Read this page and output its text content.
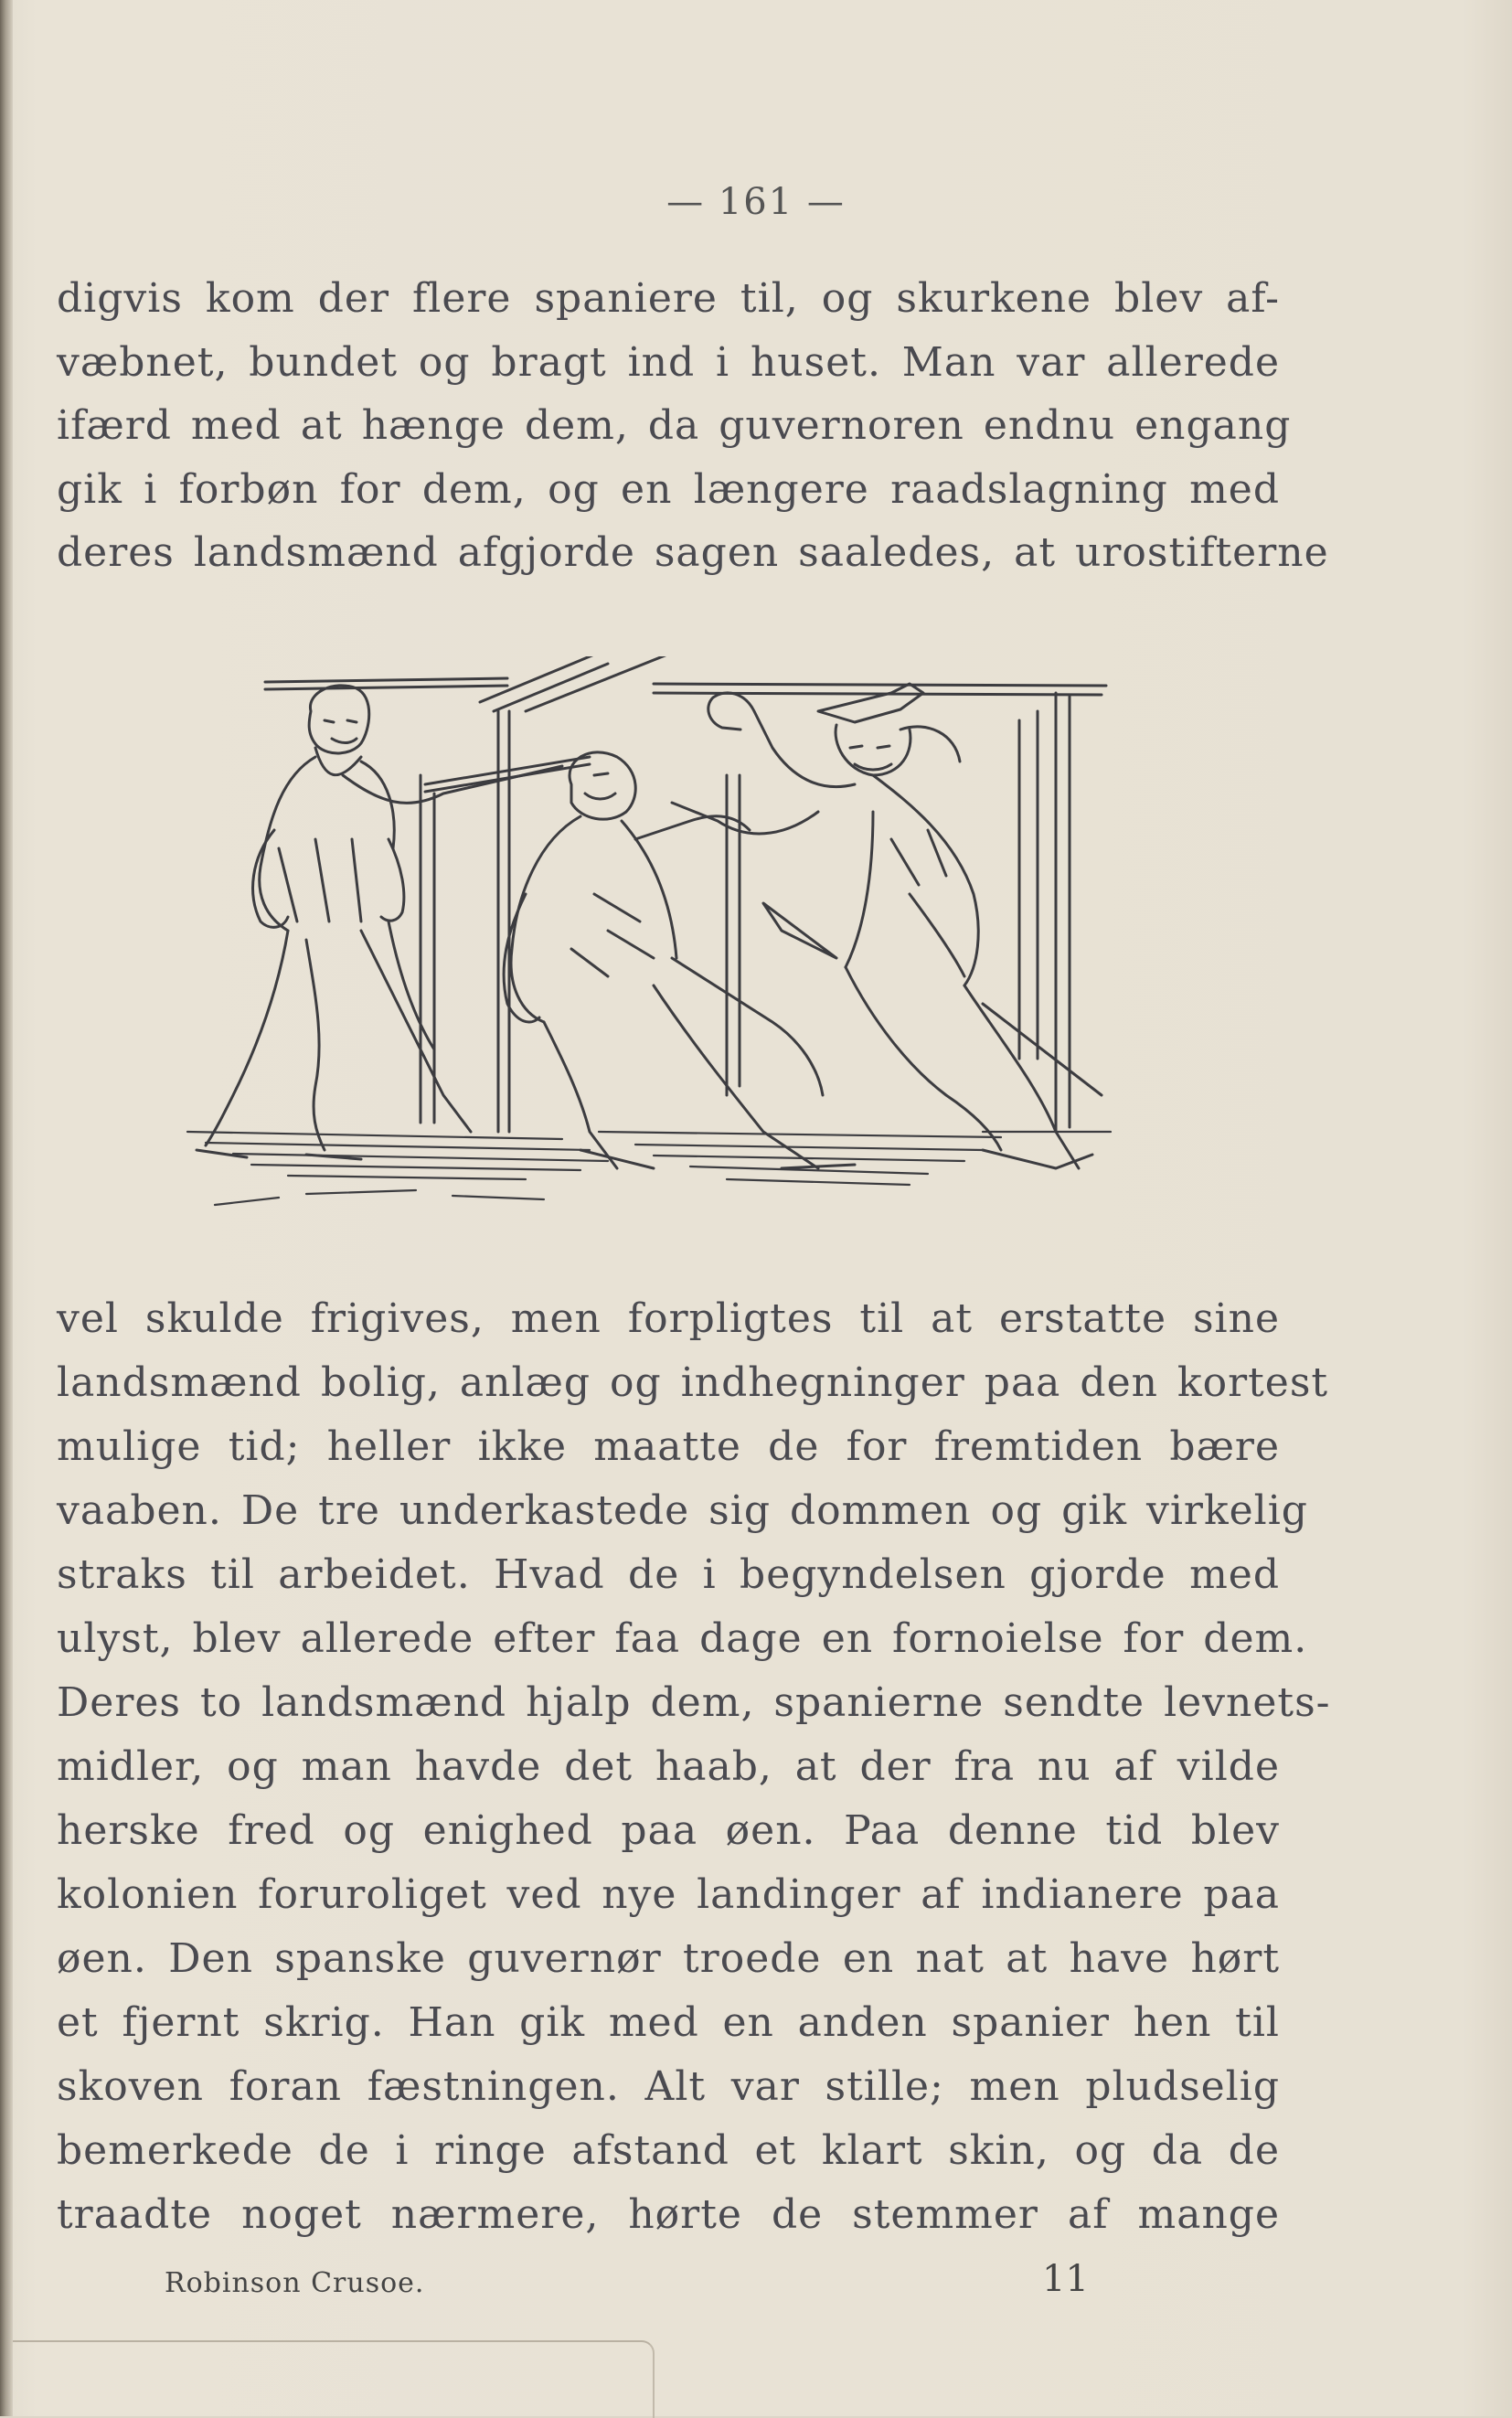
— 161 —
digvis kom der flere spaniere til, og skurkene blev af-
væbnet, bundet og bragt ind i huset. Man var allerede
ifærd med at hænge dem, da guvernoren endnu engang
gik i forbøn for dem, og en længere raadslagning med
deres landsmænd afgjorde sagen saaledes, at urostifterne
vel skulde frigives, men forpligtes til at erstatte sine
landsmænd bolig, anlæg og indhegninger paa den kortest
mulige tid; heller ikke maatte de for fremtiden bære
vaaben. De tre underkastede sig dommen og gik virkelig
straks til arbeidet. Hvad de i begyndelsen gjorde med
ulyst, blev allerede efter faa dage en fornoielse for dem.
Deres to landsmænd hjalp dem, spanierne sendte levnets-
midler, og man havde det haab, at der fra nu af vilde
herske fred og enighed paa øen. Paa denne tid blev
kolonien foruroliget ved nye landinger af indianere paa
øen. Den spanske guvernør troede en nat at have hørt
et fjernt skrig. Han gik med en anden spanier hen til
skoven foran fæstningen. Alt var stille; men pludselig
bemerkede de i ringe afstand et klart skin, og da de
traadte noget nærmere, hørte de stemmer af mange
Robinson Crusoe.	11
